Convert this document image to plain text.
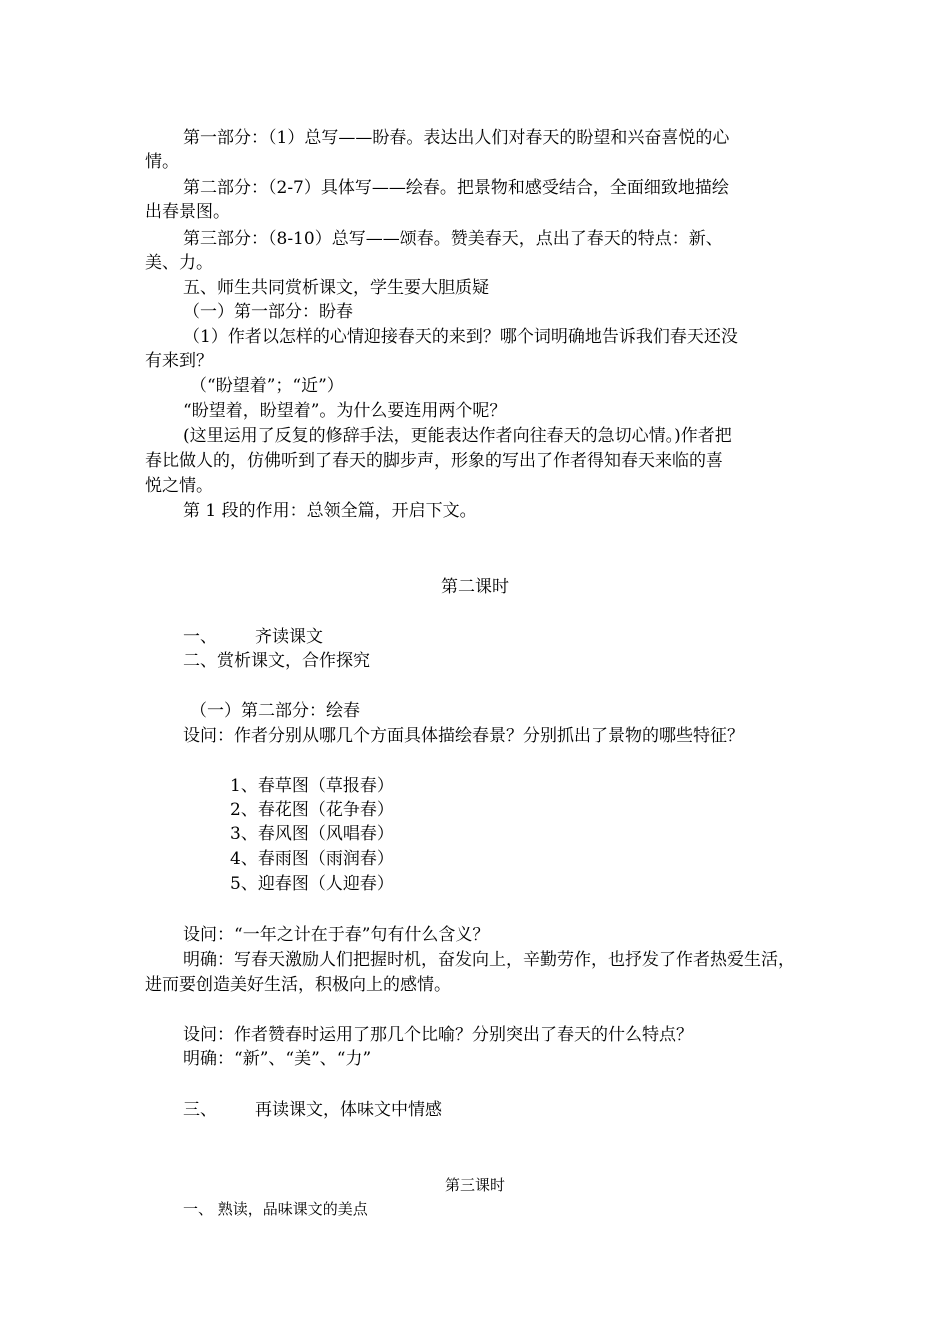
第一部分：（1）总写——盼春。表达出人们对春天的盼望和兴奋喜悦的心
情。
第二部分：（2-7）具体写——绘春。把景物和感受结合，全面细致地描绘
出春景图。
第三部分：（8-10）总写——颂春。赞美春天，点出了春天的特点：新、
美、力。
五、师生共同赏析课文，学生要大胆质疑
（一）第一部分：盼春
（1）作者以怎样的心情迎接春天的来到？哪个词明确地告诉我们春天还没
有来到？
（“盼望着”；“近”）
“盼望着，盼望着”。为什么要连用两个呢？
(这里运用了反复的修辞手法，更能表达作者向往春天的急切心情。)作者把
春比做人的，仿佛听到了春天的脚步声，形象的写出了作者得知春天来临的喜
悦之情。
第 1 段的作用：总领全篇，开启下文。
第二课时
一、 齐读课文
二、赏析课文，合作探究
（一）第二部分：绘春
设问：作者分别从哪几个方面具体描绘春景？分别抓出了景物的哪些特征？
1、春草图（草报春）
2、春花图（花争春）
3、春风图（风唱春）
4、春雨图（雨润春）
5、迎春图（人迎春）
设问：“一年之计在于春”句有什么含义？
明确：写春天激励人们把握时机，奋发向上，辛勤劳作，也抒发了作者热爱生活，
进而要创造美好生活，积极向上的感情。
设问：作者赞春时运用了那几个比喻？分别突出了春天的什么特点？
明确：“新”、“美”、“力”
三、 再读课文，体味文中情感
第三课时
一、 熟读，品味课文的美点
